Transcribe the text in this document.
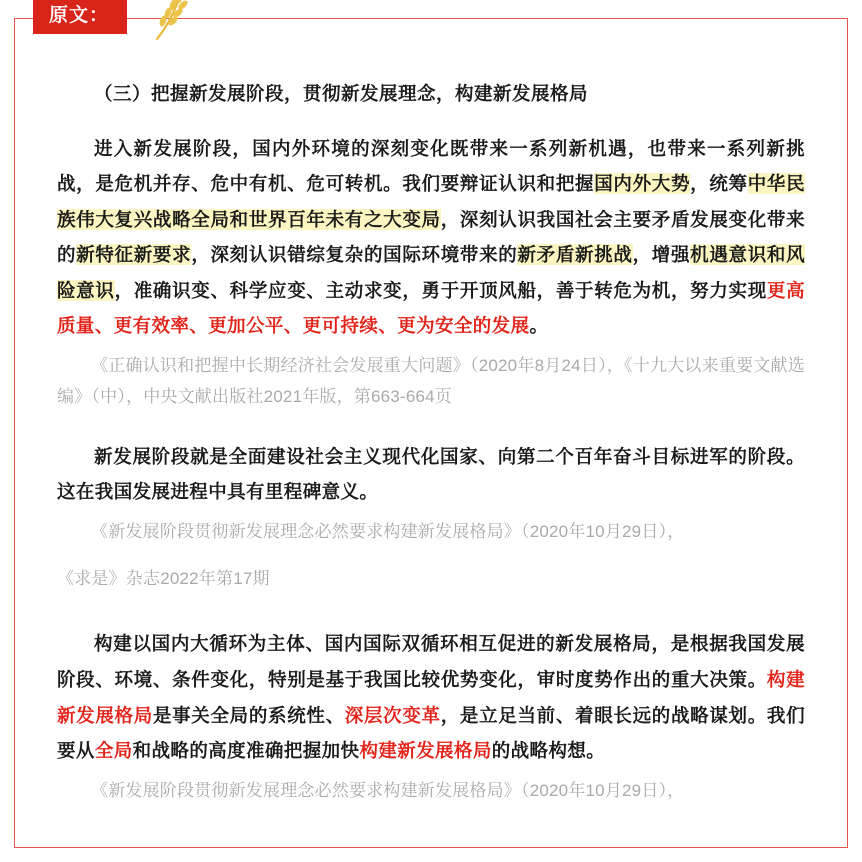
原文：
（三）把握新发展阶段，贯彻新发展理念，构建新发展格局

进入新发展阶段，国内外环境的深刻变化既带来一系列新机遇，也带来一系列新挑战，是危机并存、危中有机、危可转机。我们要辩证认识和把握国内外大势，统筹中华民族伟大复兴战略全局和世界百年未有之大变局，深刻认识我国社会主要矛盾发展变化带来的新特征新要求，深刻认识错综复杂的国际环境带来的新矛盾新挑战，增强机遇意识和风险意识，准确识变、科学应变、主动求变，勇于开顶风船，善于转危为机，努力实现更高质量、更有效率、更加公平、更可持续、更为安全的发展。

《正确认识和把握中长期经济社会发展重大问题》（2020年8月24日），《十九大以来重要文献选编》（中），中央文献出版社2021年版，第663-664页

新发展阶段就是全面建设社会主义现代化国家、向第二个百年奋斗目标进军的阶段。这在我国发展进程中具有里程碑意义。

《新发展阶段贯彻新发展理念必然要求构建新发展格局》（2020年10月29日），

《求是》杂志2022年第17期

构建以国内大循环为主体、国内国际双循环相互促进的新发展格局，是根据我国发展阶段、环境、条件变化，特别是基于我国比较优势变化，审时度势作出的重大决策。构建新发展格局是事关全局的系统性、深层次变革，是立足当前、着眼长远的战略谋划。我们要从全局和战略的高度准确把握加快构建新发展格局的战略构想。

《新发展阶段贯彻新发展理念必然要求构建新发展格局》（2020年10月29日），
